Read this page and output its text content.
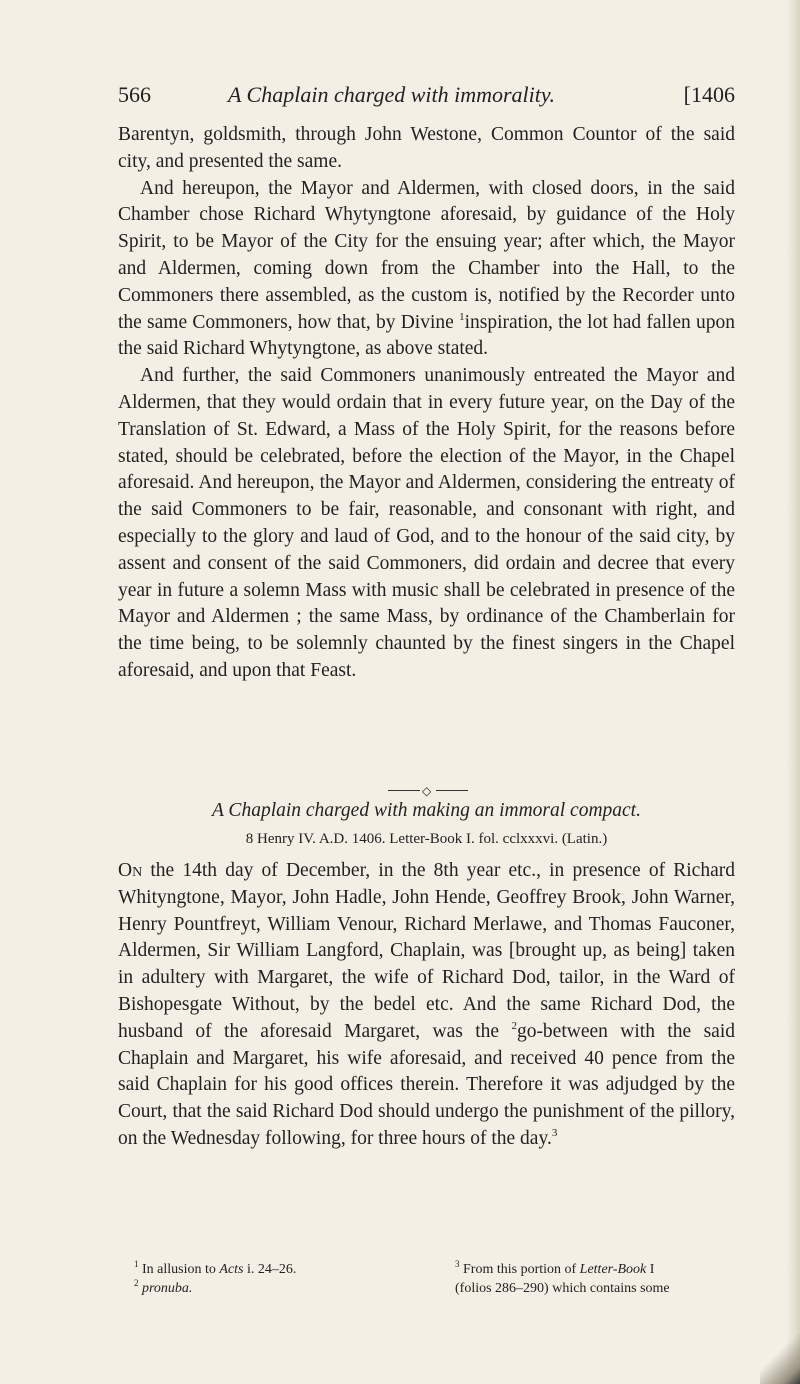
566	A Chaplain charged with immorality.	[1406

Barentyn, goldsmith, through John Westone, Common Countor of the said city, and presented the same.

And hereupon, the Mayor and Aldermen, with closed doors, in the said Chamber chose Richard Whytyngtone aforesaid, by guidance of the Holy Spirit, to be Mayor of the City for the ensuing year; after which, the Mayor and Aldermen, coming down from the Chamber into the Hall, to the Commoners there assembled, as the custom is, notified by the Recorder unto the same Commoners, how that, by Divine $^1$inspiration, the lot had fallen upon the said Richard Whytyngtone, as above stated.

And further, the said Commoners unanimously entreated the Mayor and Aldermen, that they would ordain that in every future year, on the Day of the Translation of St. Edward, a Mass of the Holy Spirit, for the reasons before stated, should be celebrated, before the election of the Mayor, in the Chapel aforesaid. And hereupon, the Mayor and Aldermen, considering the entreaty of the said Commoners to be fair, reasonable, and consonant with right, and especially to the glory and laud of God, and to the honour of the said city, by assent and consent of the said Commoners, did ordain and decree that every year in future a solemn Mass with music shall be celebrated in presence of the Mayor and Aldermen ; the same Mass, by ordinance of the Chamberlain for the time being, to be solemnly chaunted by the finest singers in the Chapel aforesaid, and upon that Feast.

◇
A Chaplain charged with making an immoral compact.
8 Henry IV. A.D. 1406. Letter-Book I. fol. cclxxxvi. (Latin.)

On the 14th day of December, in the 8th year etc., in presence of Richard Whityngtone, Mayor, John Hadle, John Hende, Geoffrey Brook, John Warner, Henry Pountfreyt, William Venour, Richard Merlawe, and Thomas Fauconer, Aldermen, Sir William Langford, Chaplain, was [brought up, as being] taken in adultery with Margaret, the wife of Richard Dod, tailor, in the Ward of Bishopesgate Without, by the bedel etc. And the same Richard Dod, the husband of the aforesaid Margaret, was the $^2$go-between with the said Chaplain and Margaret, his wife aforesaid, and received 40 pence from the said Chaplain for his good offices therein. Therefore it was adjudged by the Court, that the said Richard Dod should undergo the punishment of the pillory, on the Wednesday following, for three hours of the day.$^3$

$^1$ In allusion to Acts i. 24–26.

$^2$ pronuba.

$^3$ From this portion of Letter-Book I

(folios 286–290) which contains some
